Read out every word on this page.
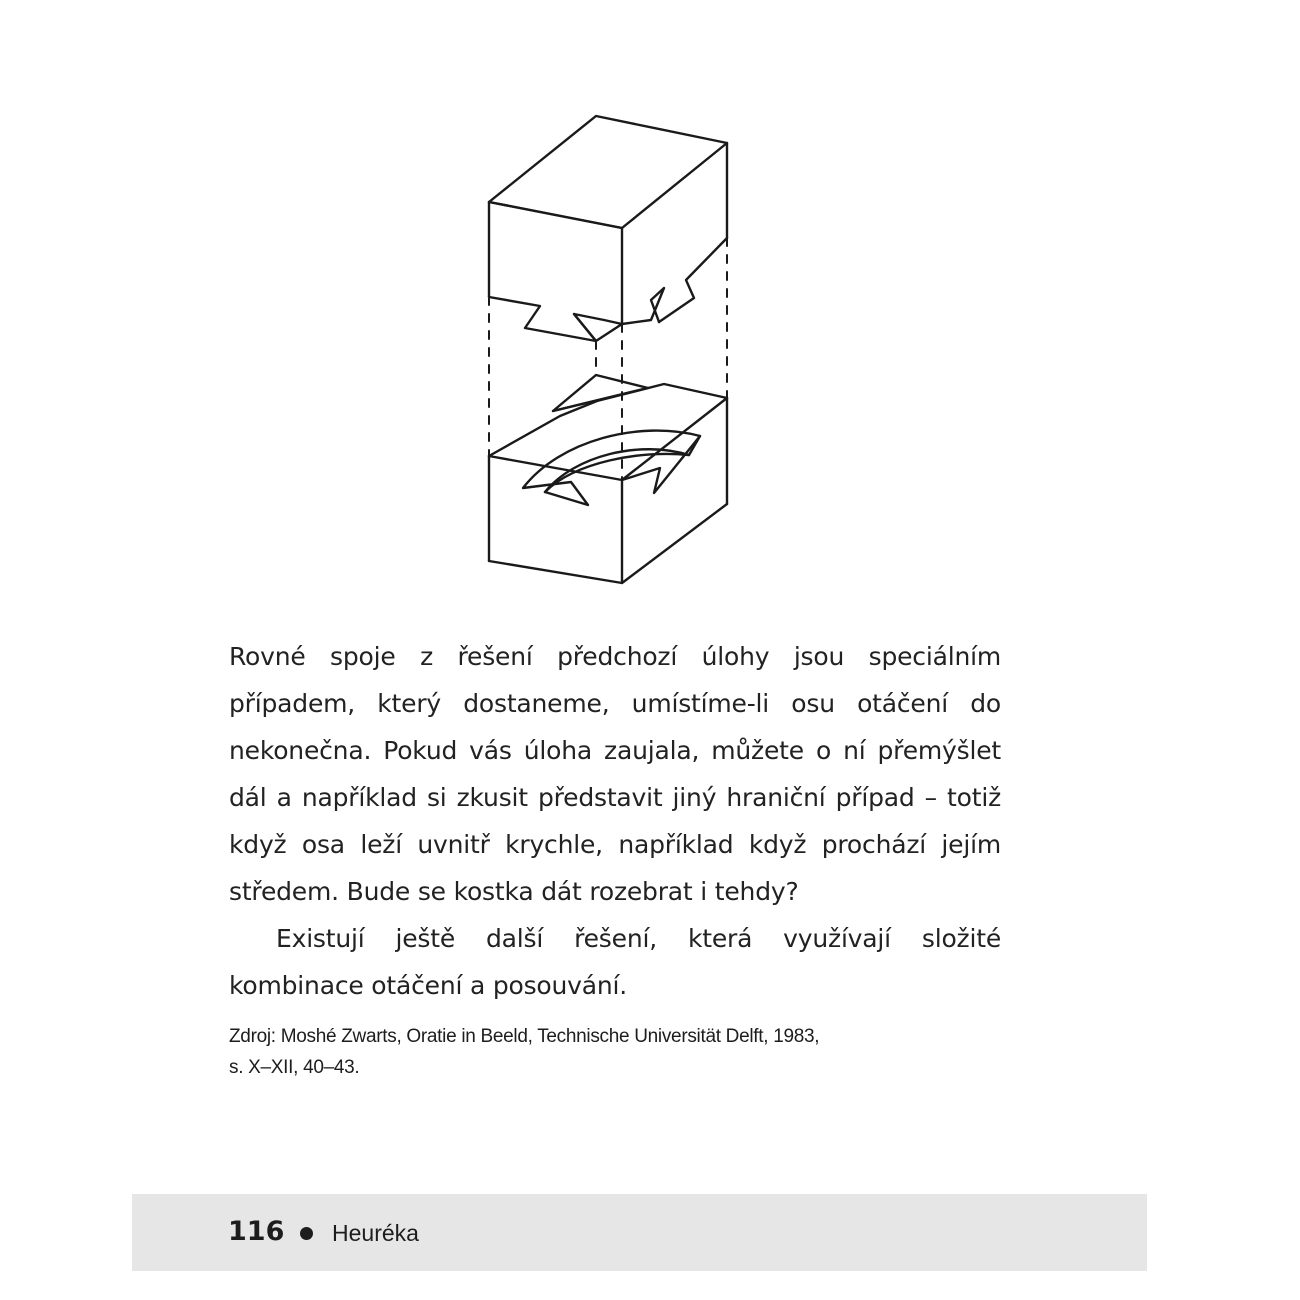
Rovné spoje z řešení předchozí úlohy jsou speciálním případem, který dostaneme, umístíme-li osu otáčení do nekonečna. Pokud vás úloha zaujala, můžete o ní přemýšlet dál a například si zkusit představit jiný hraniční případ – totiž když osa leží uvnitř krychle, například když prochází jejím středem. Bude se kostka dát rozebrat i tehdy?

Existují ještě další řešení, která využívají složité kombinace otáčení a posouvání.

Zdroj: Moshé Zwarts, Oratie in Beeld, Technische Universität Delft, 1983,
s. X–XII, 40–43.
116 Heuréka
